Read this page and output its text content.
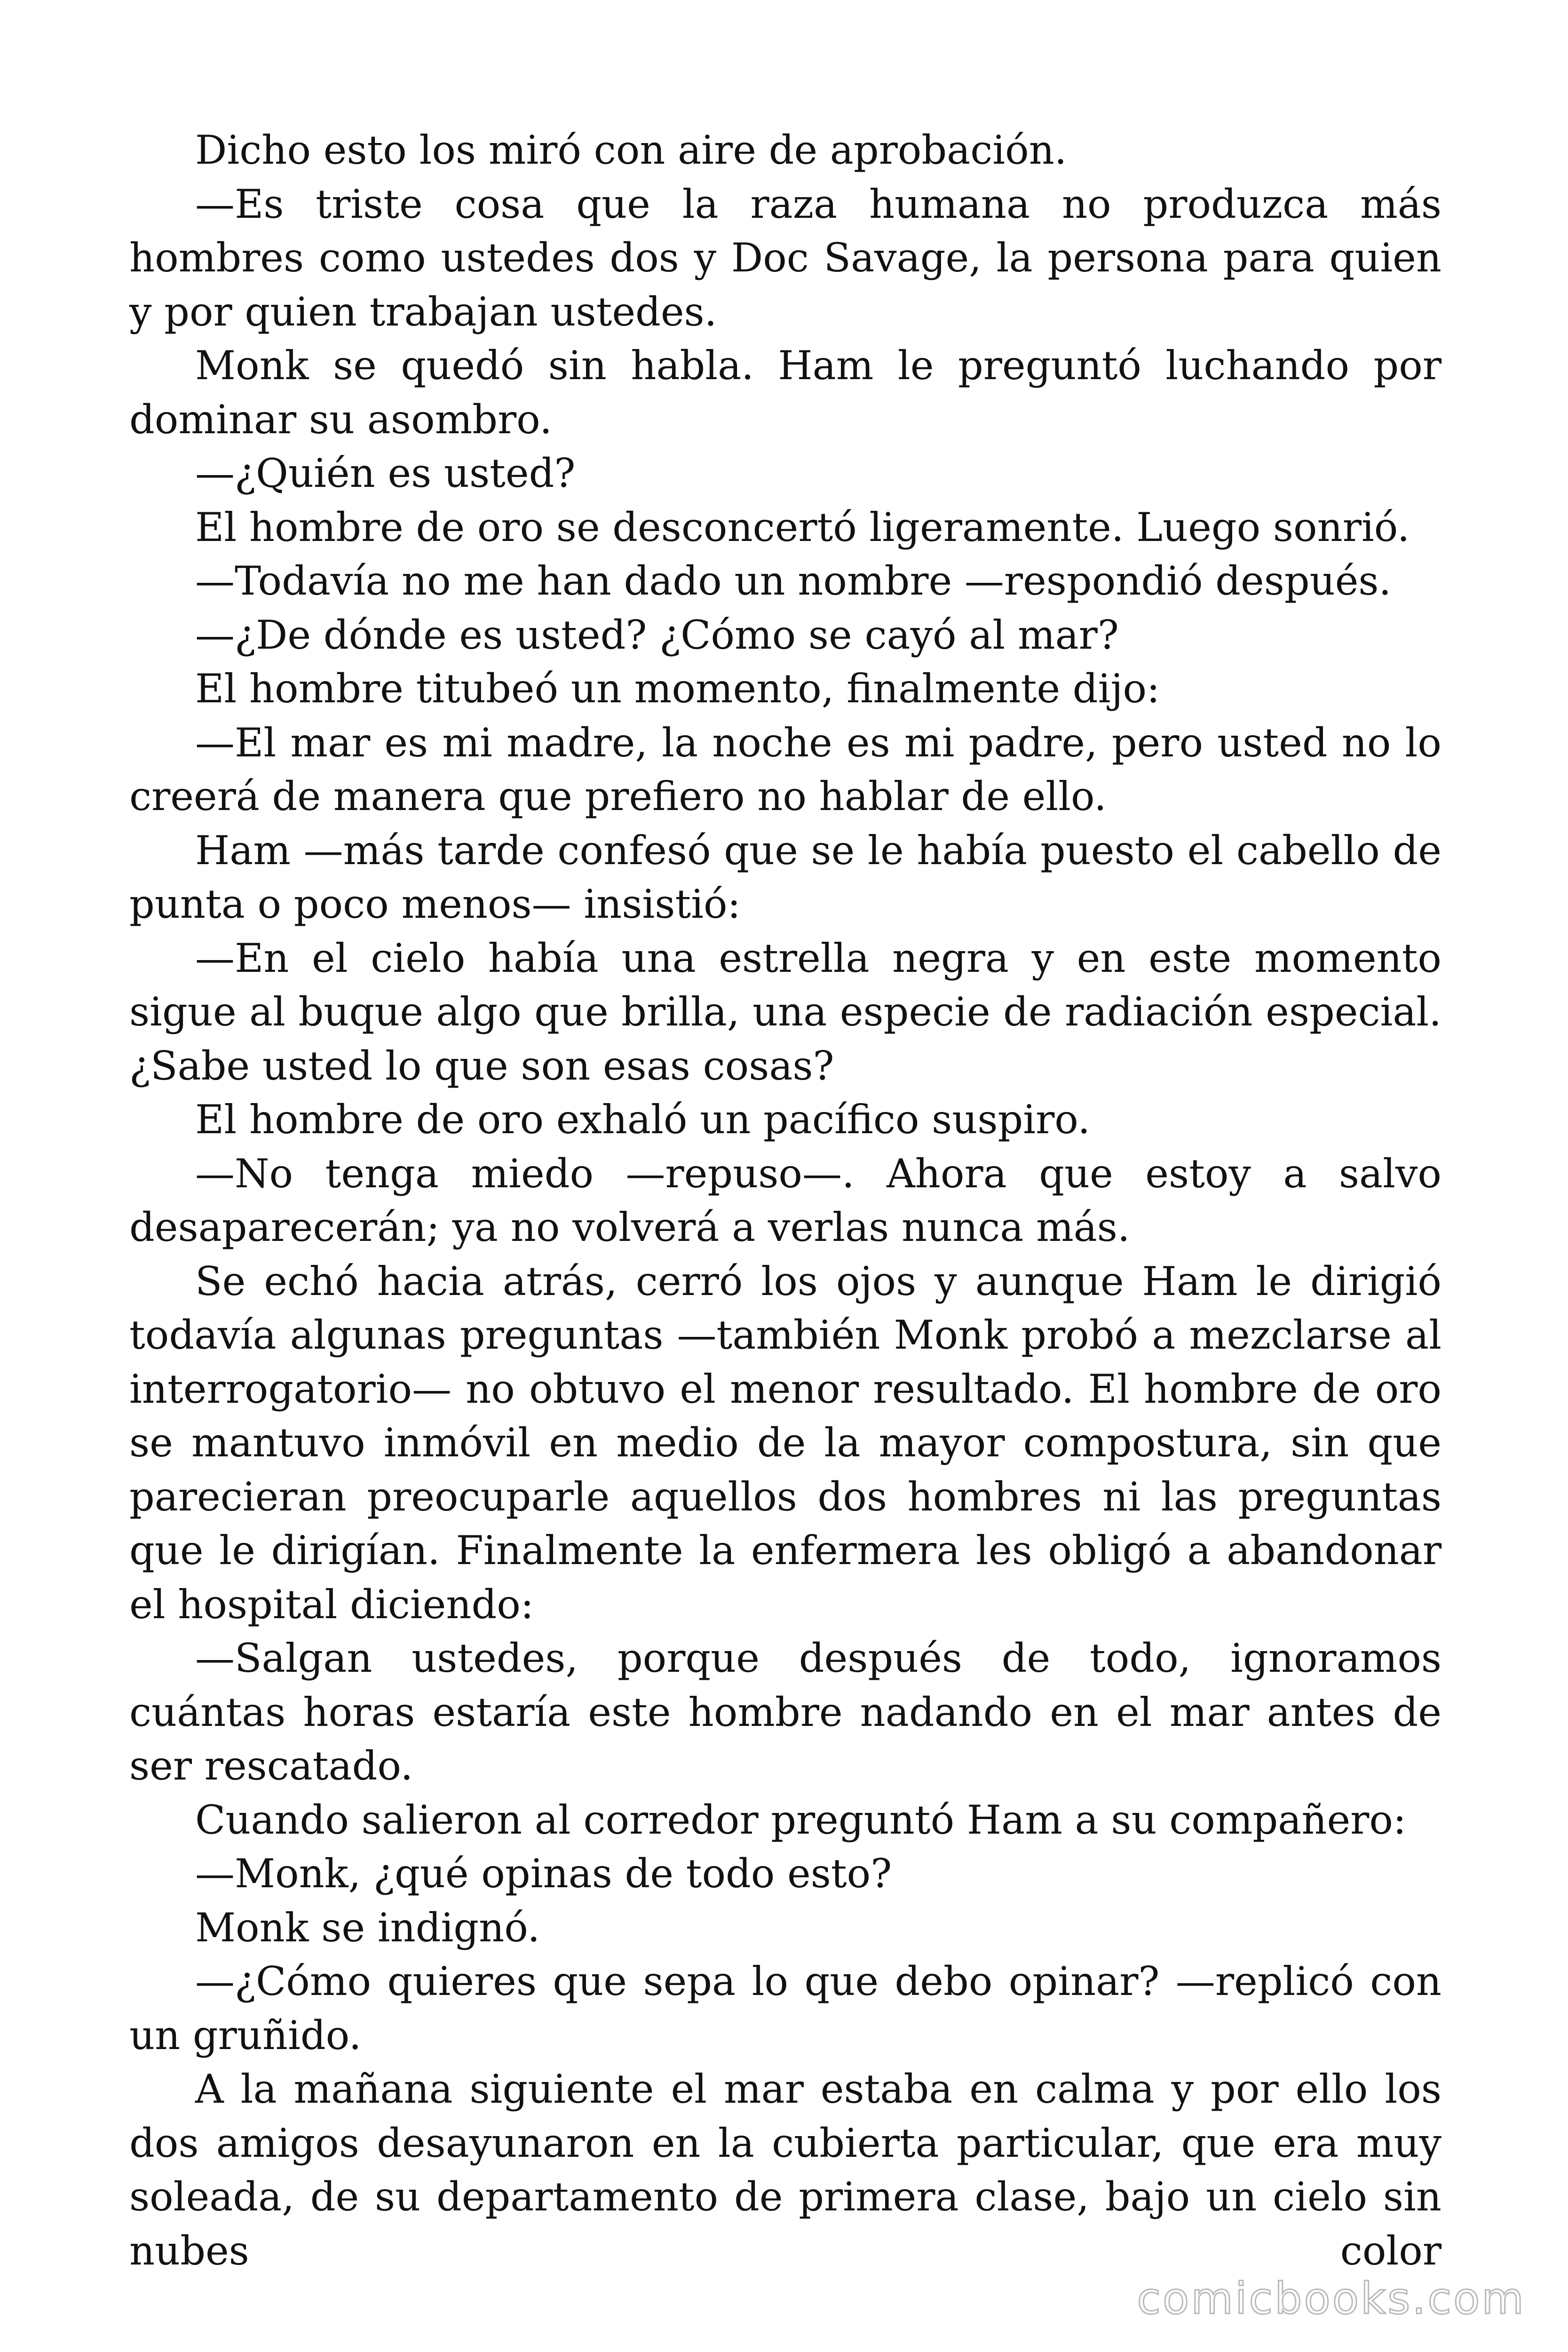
Dicho esto los miró con aire de aprobación.

—Es triste cosa que la raza humana no produzca más hombres como ustedes dos y Doc Savage, la persona para quien y por quien trabajan ustedes.

Monk se quedó sin habla. Ham le preguntó luchando por dominar su asombro.

—¿Quién es usted?

El hombre de oro se desconcertó ligeramente. Luego sonrió.

—Todavía no me han dado un nombre —respondió después.

—¿De dónde es usted? ¿Cómo se cayó al mar?

El hombre titubeó un momento, finalmente dijo:

—El mar es mi madre, la noche es mi padre, pero usted no lo creerá de manera que prefiero no hablar de ello.

Ham —más tarde confesó que se le había puesto el cabello de punta o poco menos— insistió:

—En el cielo había una estrella negra y en este momento sigue al buque algo que brilla, una especie de radiación especial. ¿Sabe usted lo que son esas cosas?

El hombre de oro exhaló un pacífico suspiro.

—No tenga miedo —repuso—. Ahora que estoy a salvo desaparecerán; ya no volverá a verlas nunca más.

Se echó hacia atrás, cerró los ojos y aunque Ham le dirigió todavía algunas preguntas —también Monk probó a mezclarse al interrogatorio— no obtuvo el menor resultado. El hombre de oro se mantuvo inmóvil en medio de la mayor compostura, sin que parecieran preocuparle aquellos dos hombres ni las preguntas que le dirigían. Finalmente la enfermera les obligó a abandonar el hospital diciendo:

—Salgan ustedes, porque después de todo, ignoramos cuántas horas estaría este hombre nadando en el mar antes de ser rescatado.

Cuando salieron al corredor preguntó Ham a su compañero:

—Monk, ¿qué opinas de todo esto?

Monk se indignó.

—¿Cómo quieres que sepa lo que debo opinar? —replicó con un gruñido.

A la mañana siguiente el mar estaba en calma y por ello los dos amigos desayunaron en la cubierta particular, que era muy soleada, de su departamento de primera clase, bajo un cielo sin nubes color

comicbooks.com
